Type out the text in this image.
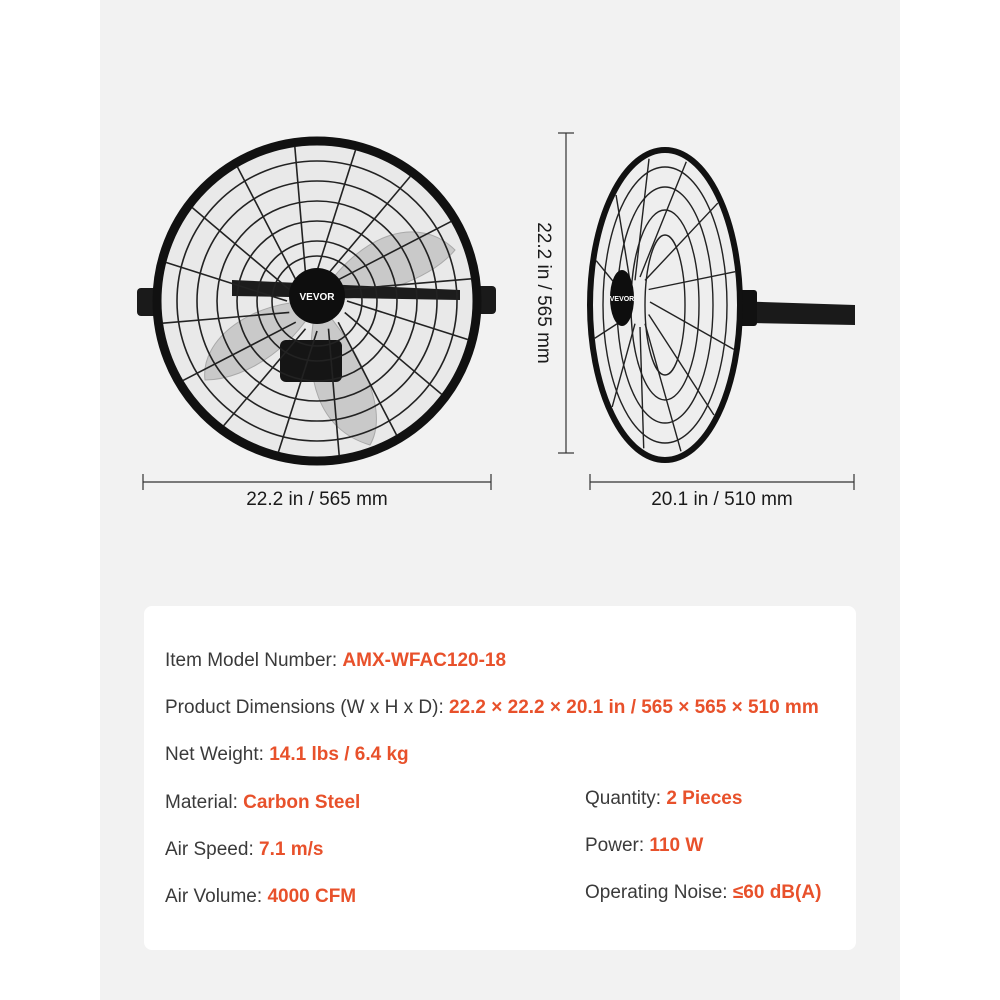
VEVOR	VEVOR
22.2 in / 565 mm	20.1 in / 510 mm
22.2 in / 565 mm
Item Model Number: AMX-WFAC120-18
Product Dimensions (W x H x D): 22.2 × 22.2 × 20.1 in / 565 × 565 × 510 mm
Net Weight: 14.1 lbs / 6.4 kg
Material: Carbon Steel
Air Speed: 7.1 m/s
Air Volume: 4000 CFM
Quantity: 2 Pieces
Power: 110 W
Operating Noise: ≤60 dB(A)
